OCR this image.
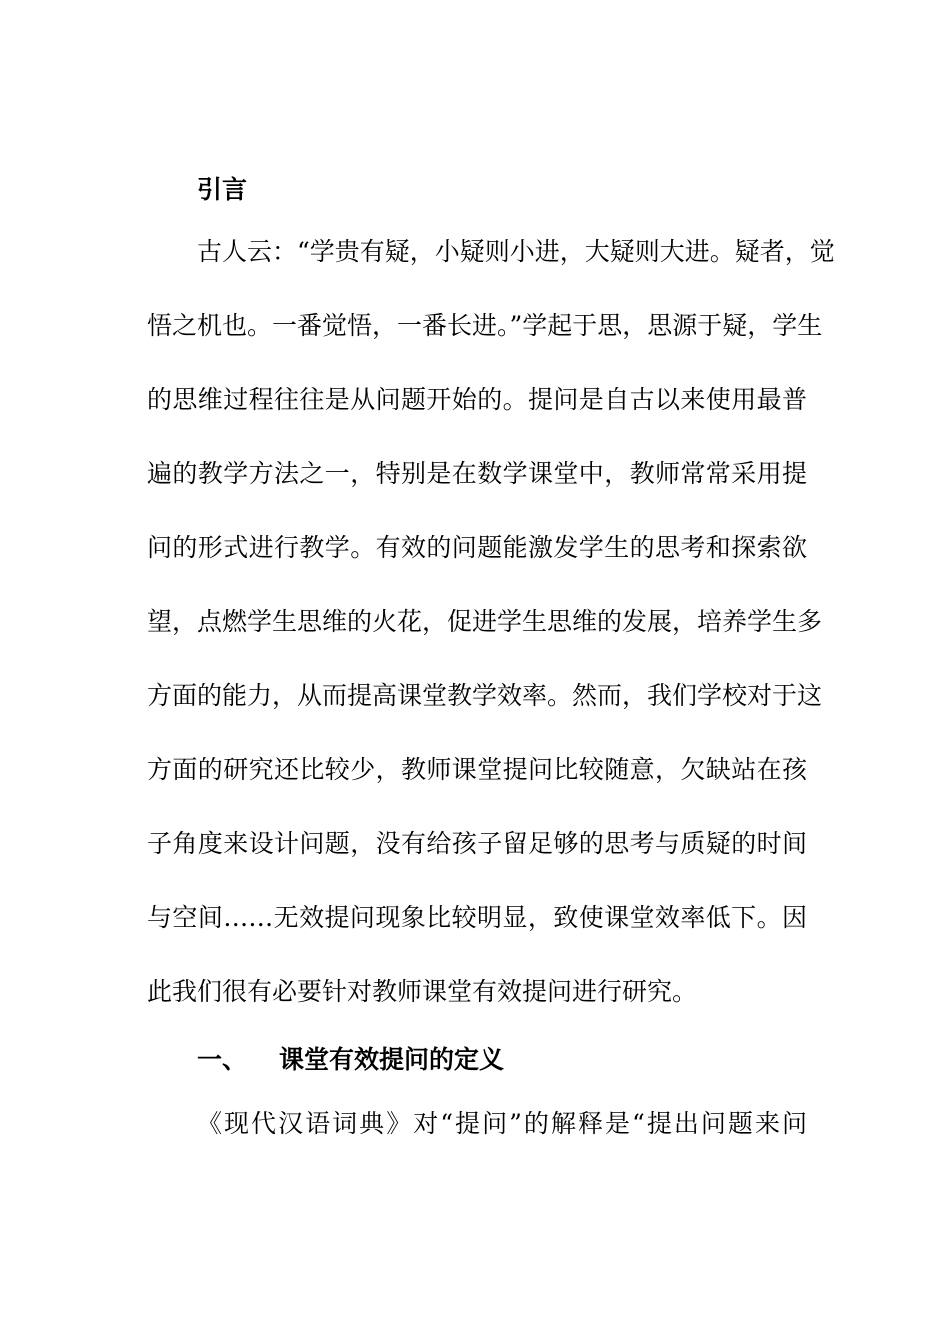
引言
古人云：“学贵有疑，小疑则小进，大疑则大进。疑者，觉
悟之机也。一番觉悟，一番长进。”学起于思，思源于疑，学生
的思维过程往往是从问题开始的。提问是自古以来使用最普
遍的教学方法之一，特别是在数学课堂中，教师常常采用提
问的形式进行教学。有效的问题能激发学生的思考和探索欲
望，点燃学生思维的火花，促进学生思维的发展，培养学生多
方面的能力，从而提高课堂教学效率。然而，我们学校对于这
方面的研究还比较少，教师课堂提问比较随意，欠缺站在孩
子角度来设计问题，没有给孩子留足够的思考与质疑的时间
与空间……无效提问现象比较明显，致使课堂效率低下。因
此我们很有必要针对教师课堂有效提问进行研究。
一、 课堂有效提问的定义
《现代汉语词典》对“提问”的解释是“提出问题来问
